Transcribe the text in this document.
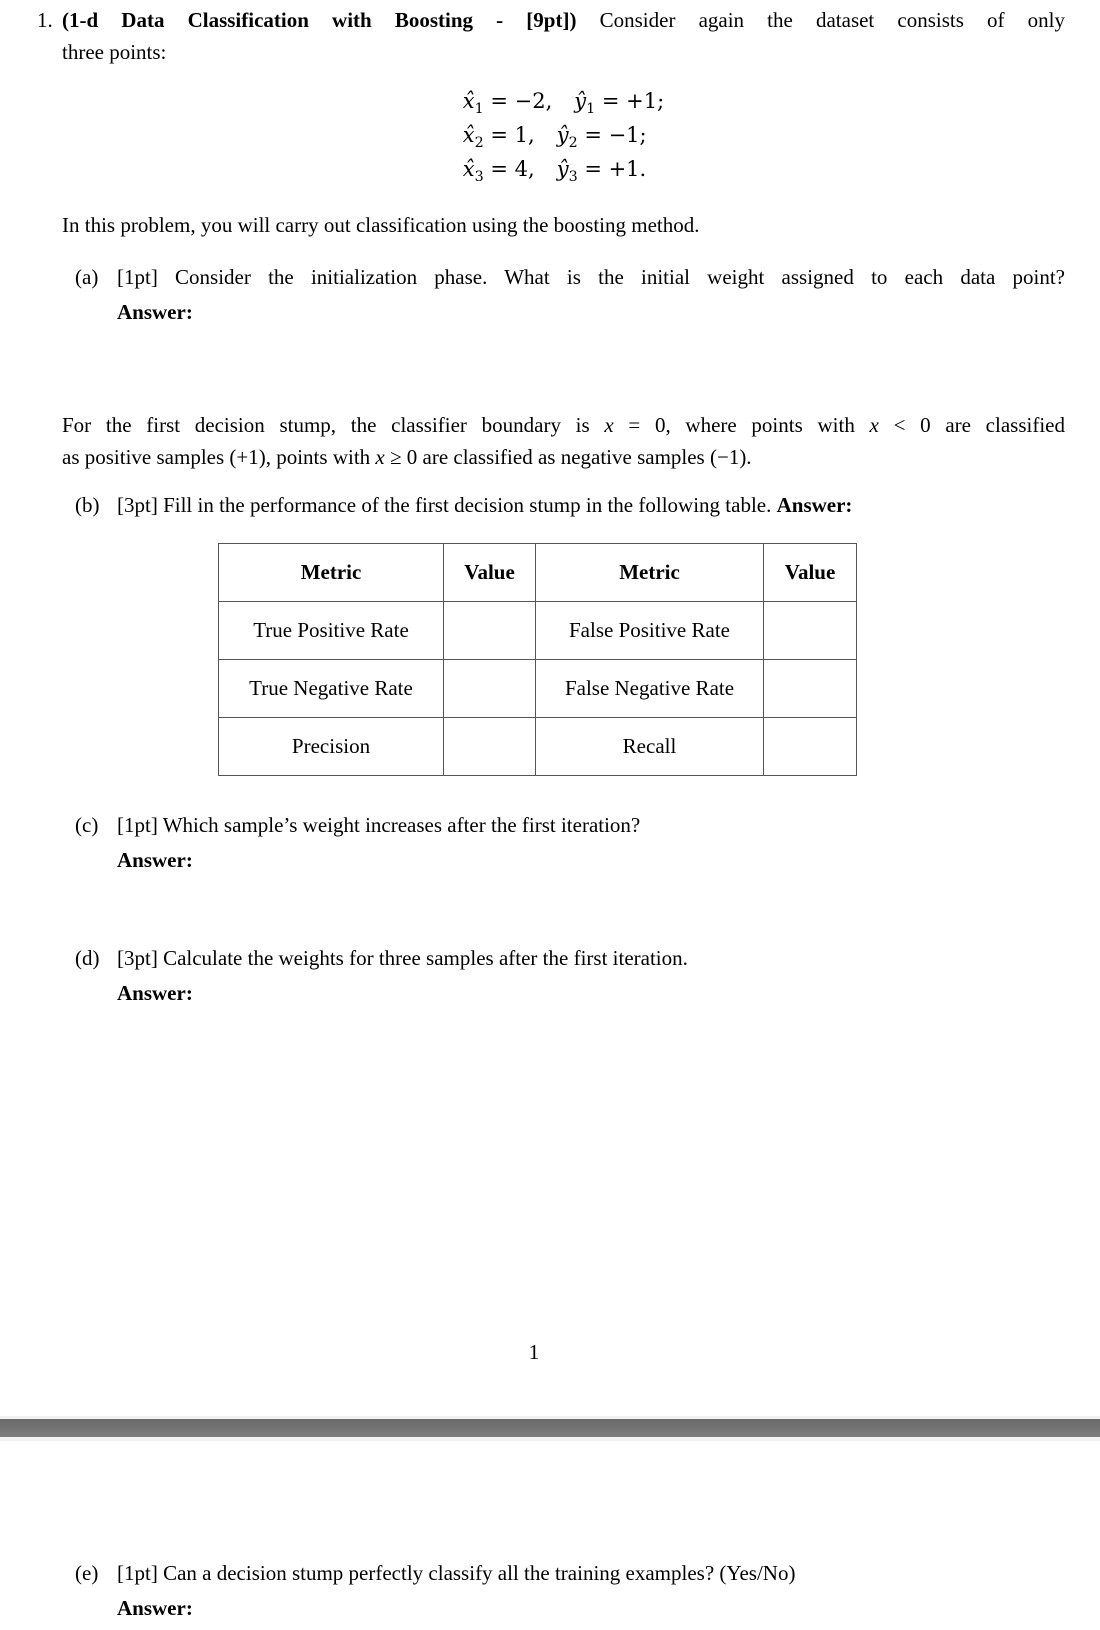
1. (1-d Data Classification with Boosting - [9pt]) Consider again the dataset consists of only
three points:
$x̂_1 = -2$, $ŷ_1 = +1$;
$x̂_2 = 1$, $ŷ_2 = -1$;
$x̂_3 = 4$, $ŷ_3 = +1$.
In this problem, you will carry out classification using the boosting method.
(a) [1pt] Consider the initialization phase. What is the initial weight assigned to each data point?
Answer:
For the first decision stump, the classifier boundary is x = 0, where points with x < 0 are classified
as positive samples (+1), points with x ≥ 0 are classified as negative samples (−1).
(b) [3pt] Fill in the performance of the first decision stump in the following table. Answer:
Metric	Value	Metric	Value
True Positive Rate		False Positive Rate	
True Negative Rate		False Negative Rate	
Precision		Recall	
(c) [1pt] Which sample’s weight increases after the first iteration?
Answer:
(d) [3pt] Calculate the weights for three samples after the first iteration.
Answer:
1
(e) [1pt] Can a decision stump perfectly classify all the training examples? (Yes/No)
Answer:
